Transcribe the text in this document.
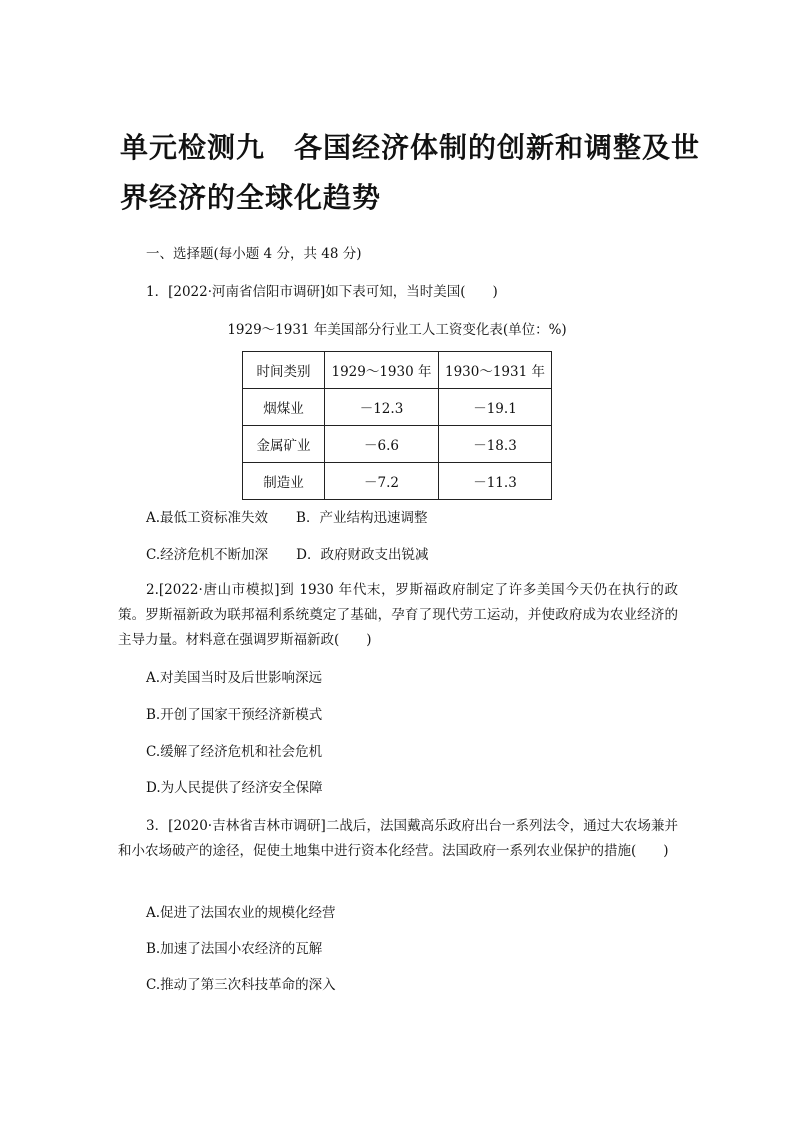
单元检测九　各国经济体制的创新和调整及世界经济的全球化趋势
一、选择题(每小题 4 分，共 48 分)
1．[2022·河南省信阳市调研]如下表可知，当时美国(　　)
1929～1931 年美国部分行业工人工资变化表(单位：%)
时间类别	1929～1930 年	1930～1931 年
烟煤业	－12.3	－19.1
金属矿业	－6.6	－18.3
制造业	－7.2	－11.3
A.最低工资标准失效 B．产业结构迅速调整
C.经济危机不断加深 D．政府财政支出锐减
2.[2022·唐山市模拟]到 1930 年代末，罗斯福政府制定了许多美国今天仍在执行的政策。罗斯福新政为联邦福利系统奠定了基础，孕育了现代劳工运动，并使政府成为农业经济的主导力量。材料意在强调罗斯福新政(　　)
A.对美国当时及后世影响深远
B.开创了国家干预经济新模式
C.缓解了经济危机和社会危机
D.为人民提供了经济安全保障
3．[2020·吉林省吉林市调研]二战后，法国戴高乐政府出台一系列法令，通过大农场兼并和小农场破产的途径，促使土地集中进行资本化经营。法国政府一系列农业保护的措施(　　)
A.促进了法国农业的规模化经营
B.加速了法国小农经济的瓦解
C.推动了第三次科技革命的深入
